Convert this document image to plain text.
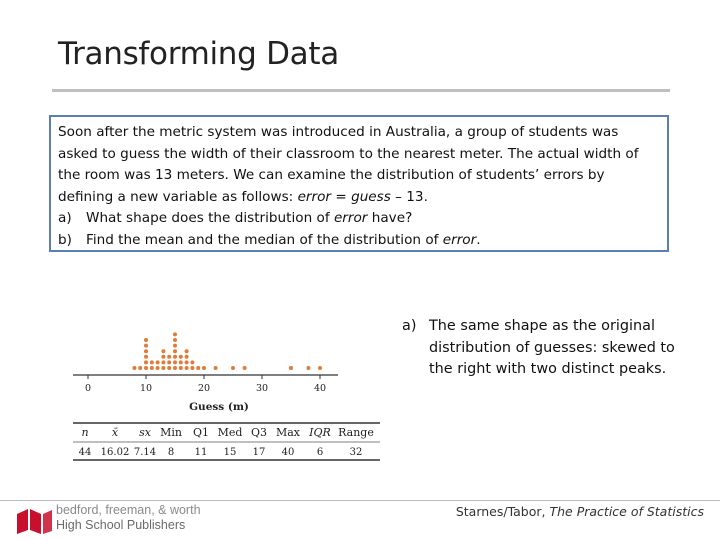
Transforming Data

Soon after the metric system was introduced in Australia, a group of students was asked to guess the width of their classroom to the nearest meter. The actual width of the room was 13 meters. We can examine the distribution of students’ errors by defining a new variable as follows: error = guess – 13.

a) What shape does the distribution of error have?

b) Find the mean and the median of the distribution of error.

0	10	20	30	40
Guess (m)
n x̄ sx Min Q1 Med Q3 Max IQR Range
44 16.02 7.14 8 11 15 17 40 6	32
a) The same shape as the original distribution of guesses: skewed to the right with two distinct peaks.
bedford, freeman, & worth
High School Publishers
Starnes/Tabor, The Practice of Statistics
